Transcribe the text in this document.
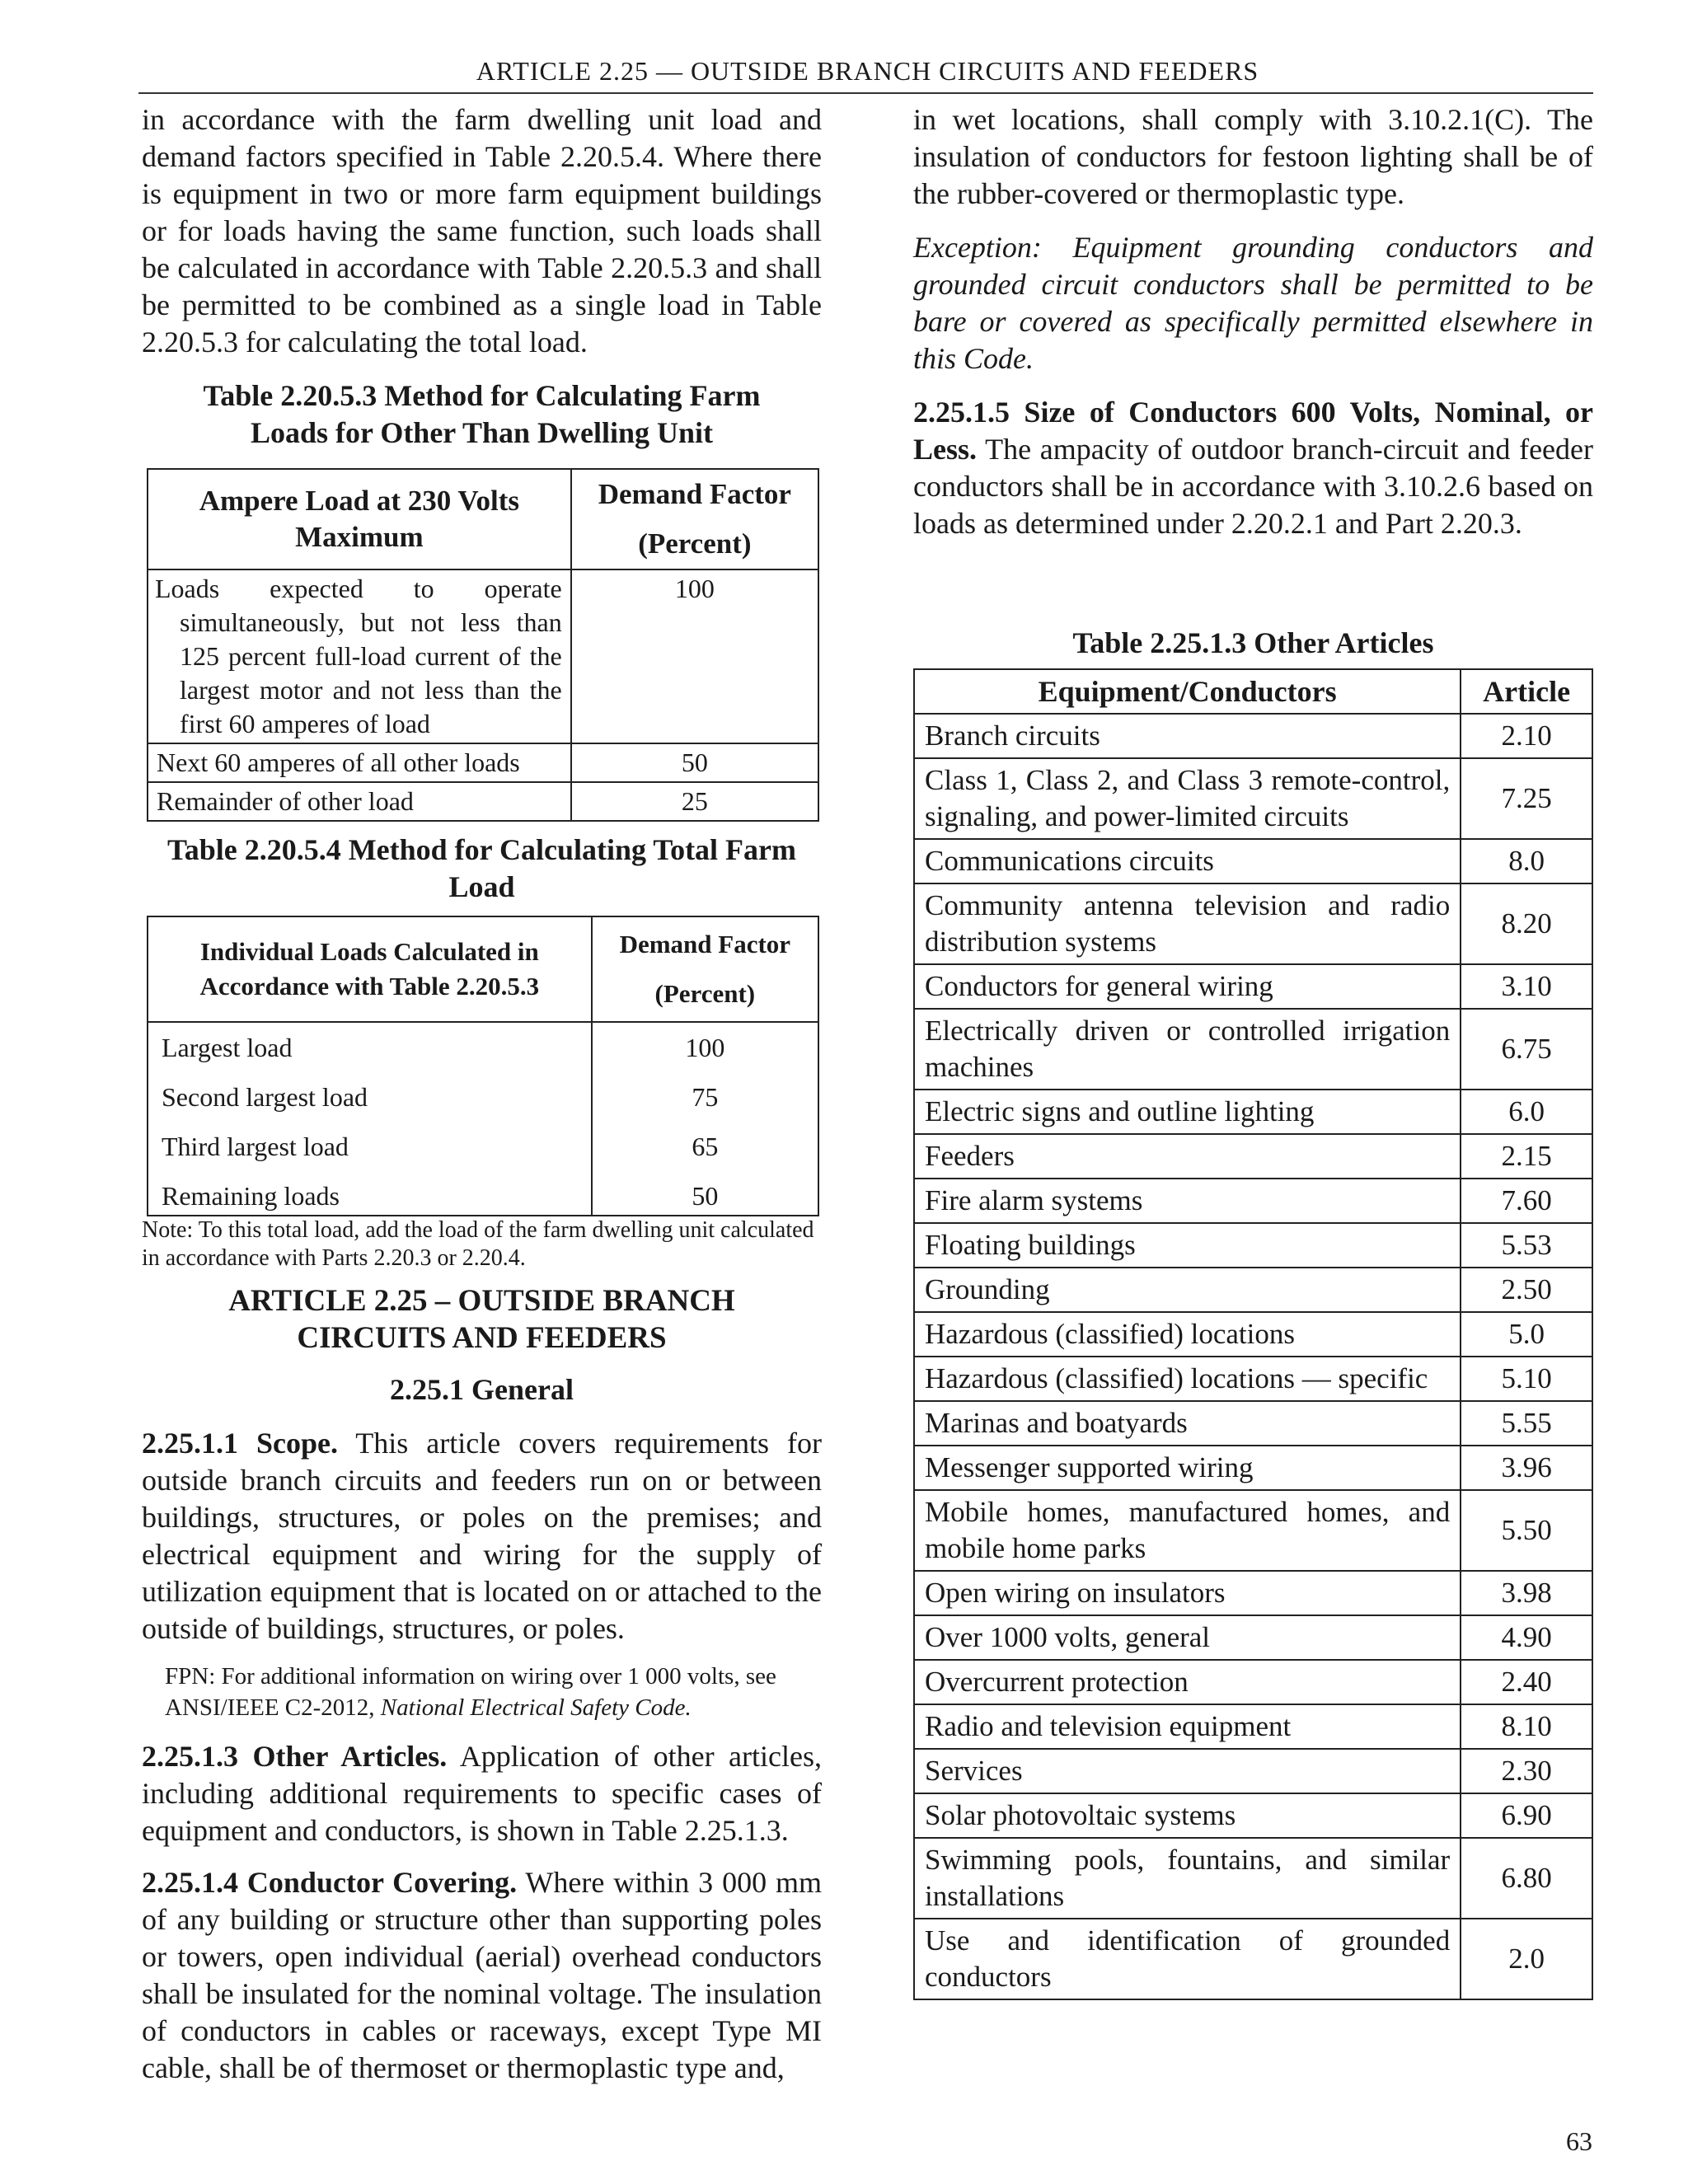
ARTICLE 2.25 — OUTSIDE BRANCH CIRCUITS AND FEEDERS

in accordance with the farm dwelling unit load and demand factors specified in Table 2.20.5.4. Where there is equipment in two or more farm equipment buildings or for loads having the same function, such loads shall be calculated in accordance with Table 2.20.5.3 and shall be permitted to be combined as a single load in Table 2.20.5.3 for calculating the total load.

Table 2.20.5.3 Method for Calculating Farm Loads for Other Than Dwelling Unit
Ampere Load at 230 Volts Maximum	Demand Factor
(Percent)

Loads expected to operate simultaneously, but not less than 125 percent full-load current of the largest motor and not less than the first 60 amperes of load	100
Next 60 amperes of all other loads	50
Remainder of other load	25
Table 2.20.5.4 Method for Calculating Total Farm Load
Individual Loads Calculated in Accordance with Table 2.20.5.3	Demand Factor
(Percent)

Largest load	100
Second largest load	75
Third largest load	65
Remaining loads	50

Note: To this total load, add the load of the farm dwelling unit calculated in accordance with Parts 2.20.3 or 2.20.4.

ARTICLE 2.25 – OUTSIDE BRANCH CIRCUITS AND FEEDERS
2.25.1 General

2.25.1.1 Scope. This article covers requirements for outside branch circuits and feeders run on or between buildings, structures, or poles on the premises; and electrical equipment and wiring for the supply of utilization equipment that is located on or attached to the outside of buildings, structures, or poles.

FPN: For additional information on wiring over 1 000 volts, see ANSI/IEEE C2-2012, National Electrical Safety Code.

2.25.1.3 Other Articles. Application of other articles, including additional requirements to specific cases of equipment and conductors, is shown in Table 2.25.1.3.

2.25.1.4 Conductor Covering. Where within 3 000 mm of any building or structure other than supporting poles or towers, open individual (aerial) overhead conductors shall be insulated for the nominal voltage. The insulation of conductors in cables or raceways, except Type MI cable, shall be of thermoset or thermoplastic type and,

in wet locations, shall comply with 3.10.2.1(C). The insulation of conductors for festoon lighting shall be of the rubber-covered or thermoplastic type.

Exception: Equipment grounding conductors and grounded circuit conductors shall be permitted to be bare or covered as specifically permitted elsewhere in this Code.

2.25.1.5 Size of Conductors 600 Volts, Nominal, or Less. The ampacity of outdoor branch-circuit and feeder conductors shall be in accordance with 3.10.2.6 based on loads as determined under 2.20.2.1 and Part 2.20.3.

Table 2.25.1.3 Other Articles
Equipment/Conductors	Article
Branch circuits	2.10
Class 1, Class 2, and Class 3 remote-control, signaling, and power-limited circuits	7.25
Communications circuits	8.0
Community antenna television and radio distribution systems	8.20
Conductors for general wiring	3.10
Electrically driven or controlled irrigation machines	6.75
Electric signs and outline lighting	6.0
Feeders	2.15
Fire alarm systems	7.60
Floating buildings	5.53
Grounding	2.50
Hazardous (classified) locations	5.0
Hazardous (classified) locations — specific	5.10
Marinas and boatyards	5.55
Messenger supported wiring	3.96
Mobile homes, manufactured homes, and mobile home parks	5.50
Open wiring on insulators	3.98
Over 1000 volts, general	4.90
Overcurrent protection	2.40
Radio and television equipment	8.10
Services	2.30
Solar photovoltaic systems	6.90
Swimming pools, fountains, and similar installations	6.80
Use and identification of grounded conductors	2.0
63
